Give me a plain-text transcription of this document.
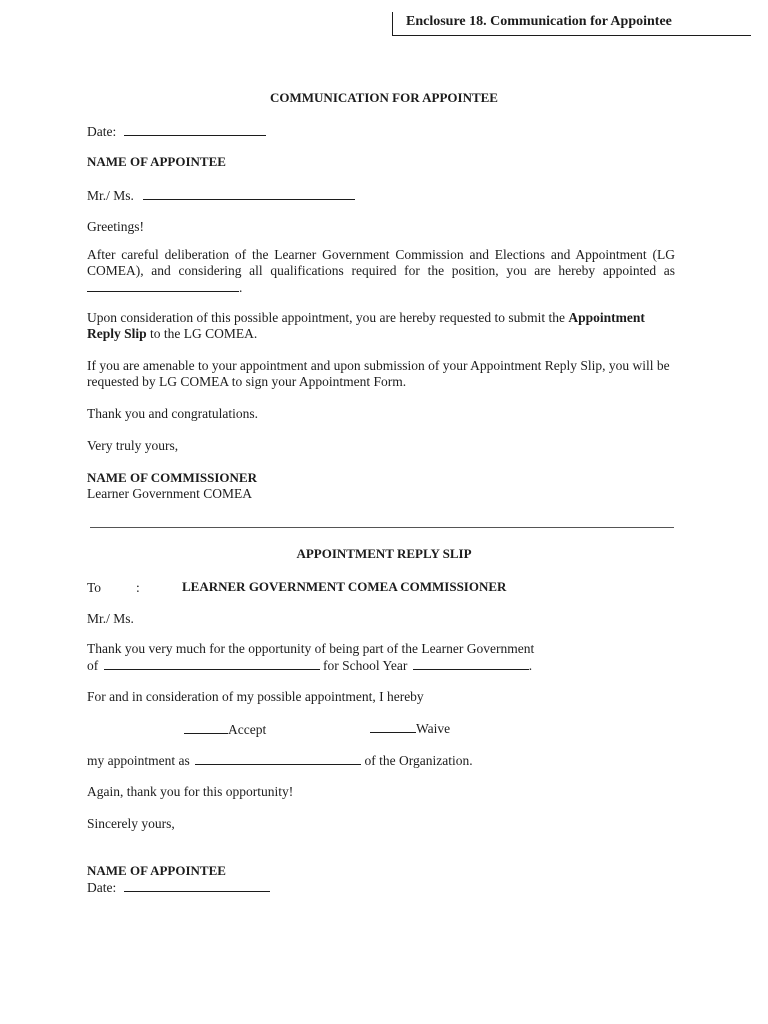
Enclosure 18. Communication for Appointee
COMMUNICATION FOR APPOINTEE
Date:
NAME OF APPOINTEE
Mr./ Ms.
Greetings!

After careful deliberation of the Learner Government Commission and Elections and Appointment (LG COMEA), and considering all qualifications required for the position, you are hereby appointed as .

Upon consideration of this possible appointment, you are hereby requested to submit the Appointment Reply Slip to the LG COMEA.

If you are amenable to your appointment and upon submission of your Appointment Reply Slip, you will be requested by LG COMEA to sign your Appointment Form.

Thank you and congratulations.
Very truly yours,
NAME OF COMMISSIONER
Learner Government COMEA
APPOINTMENT REPLY SLIP
To	:	LEARNER GOVERNMENT COMEA COMMISSIONER
Mr./ Ms.
Thank you very much for the opportunity of being part of the Learner Government
of	for School Year	.
For and in consideration of my possible appointment, I hereby
Accept	Waive
my appointment as	of the Organization.
Again, thank you for this opportunity!
Sincerely yours,
NAME OF APPOINTEE
Date:
